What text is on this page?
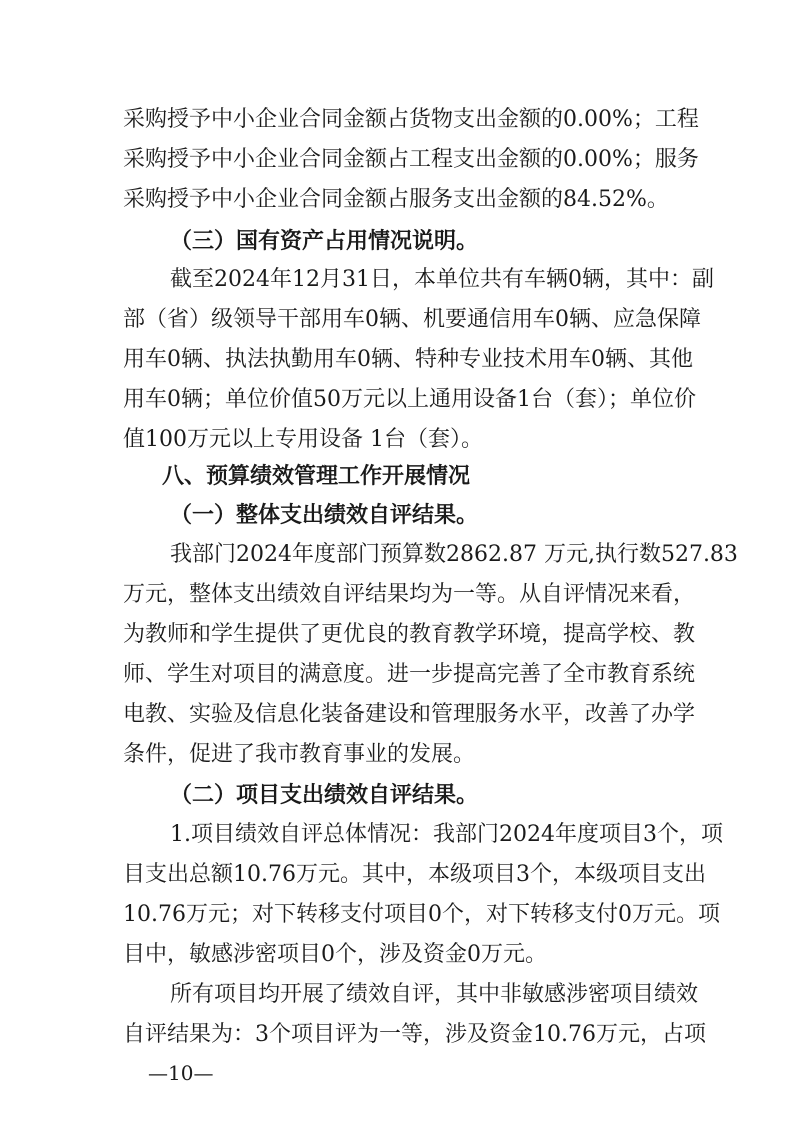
采购授予中小企业合同金额占货物支出金额的0.00%；工程
采购授予中小企业合同金额占工程支出金额的0.00%；服务
采购授予中小企业合同金额占服务支出金额的84.52%。
（三）国有资产占用情况说明。
截至2024年12月31日，本单位共有车辆0辆，其中：副
部（省）级领导干部用车0辆、机要通信用车0辆、应急保障
用车0辆、执法执勤用车0辆、特种专业技术用车0辆、其他
用车0辆；单位价值50万元以上通用设备1台（套）；单位价
值100万元以上专用设备 1台（套）。
八、预算绩效管理工作开展情况
（一）整体支出绩效自评结果。
我部门2024年度部门预算数2862.87 万元,执行数527.83
万元，整体支出绩效自评结果均为一等。从自评情况来看，
为教师和学生提供了更优良的教育教学环境，提高学校、教
师、学生对项目的满意度。进一步提高完善了全市教育系统
电教、实验及信息化装备建设和管理服务水平，改善了办学
条件，促进了我市教育事业的发展。
（二）项目支出绩效自评结果。
1.项目绩效自评总体情况：我部门2024年度项目3个，项
目支出总额10.76万元。其中，本级项目3个，本级项目支出
10.76万元；对下转移支付项目0个，对下转移支付0万元。项
目中，敏感涉密项目0个，涉及资金0万元。
所有项目均开展了绩效自评，其中非敏感涉密项目绩效
自评结果为：3个项目评为一等，涉及资金10.76万元，占项
—10—
